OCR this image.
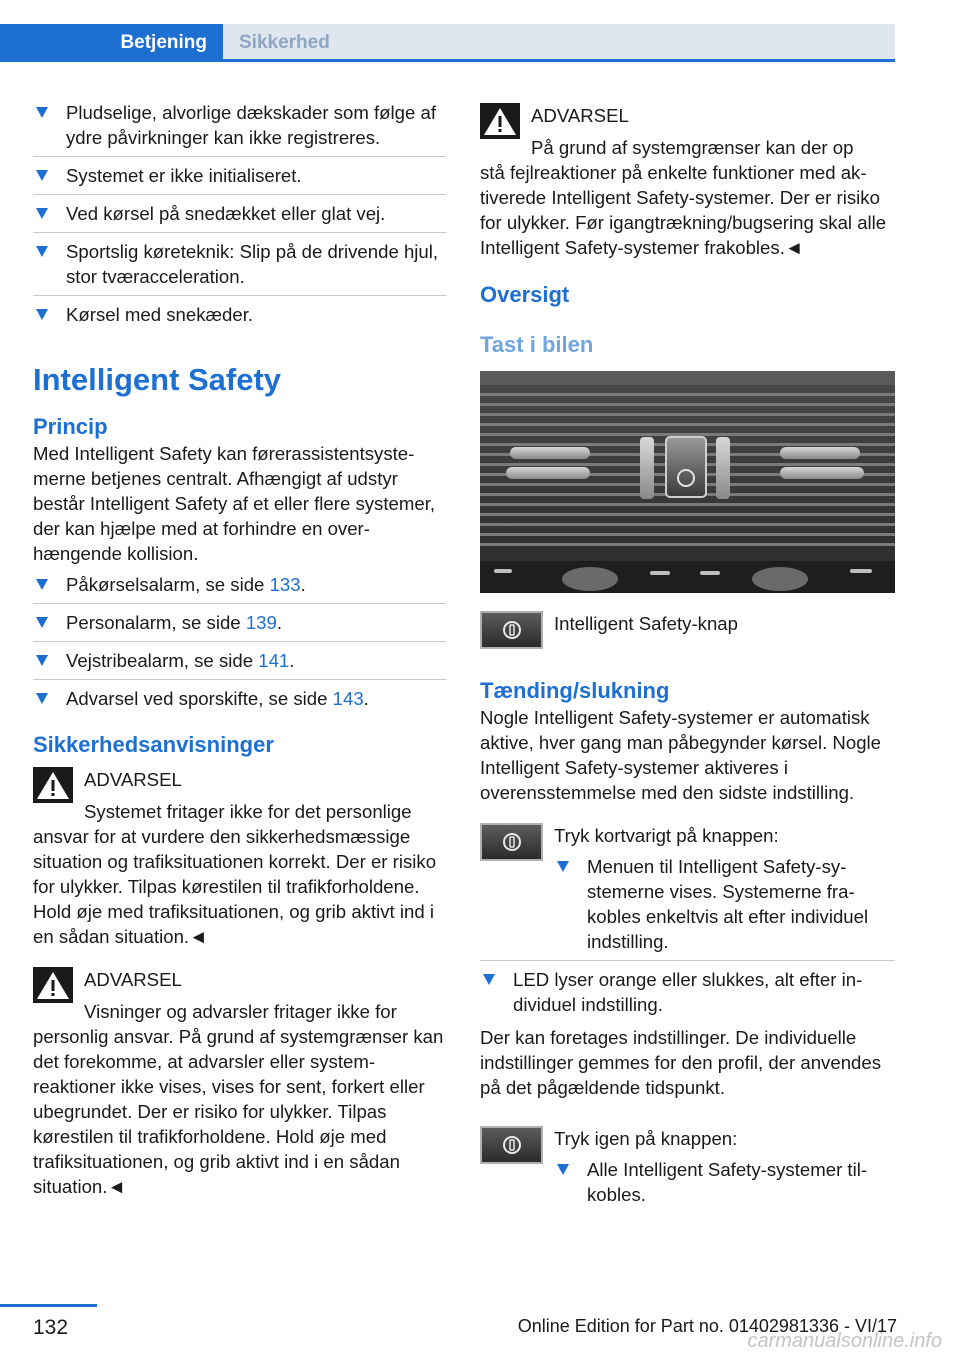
Betjening	Sikkerhed
Pludselige, alvorlige dækskader som følge af ydre påvirkninger kan ikke registreres.
Systemet er ikke initialiseret.
Ved kørsel på snedækket eller glat vej.
Sportslig køreteknik: Slip på de drivende hjul, stor tværacceleration.
Kørsel med snekæder.
Intelligent Safety
Princip

Med Intelligent Safety kan førerassistentsystemerne betjenes centralt. Afhængigt af udstyr består Intelligent Safety af et eller flere systemer, der kan hjælpe med at forhindre en overhængende kollision.

Påkørselsalarm, se side 133.
Personalarm, se side 139.
Vejstribealarm, se side 141.
Advarsel ved sporskifte, se side 143.
Sikkerhedsanvisninger

ADVARSEL

Systemet fritager ikke for det personlige

ansvar for at vurdere den sikkerhedsmæssige situation og trafiksituationen korrekt. Der er risiko for ulykker. Tilpas kørestilen til trafikforholdene. Hold øje med trafiksituationen, og grib aktivt ind i en sådan situation.◄

ADVARSEL

Visninger og advarsler fritager ikke for

personlig ansvar. På grund af systemgrænser kan det forekomme, at advarsler eller systemreaktioner ikke vises, vises for sent, forkert eller ubegrundet. Der er risiko for ulykker. Tilpas kørestilen til trafikforholdene. Hold øje med trafiksituationen, og grib aktivt ind i en sådan situation.◄

ADVARSEL

På grund af systemgrænser kan der op

stå fejlreaktioner på enkelte funktioner med aktiverede Intelligent Safety-systemer. Der er risiko for ulykker. Før igangtrækning/bugsering skal alle Intelligent Safety-systemer frakobles.◄

Oversigt
Tast i bilen

Intelligent Safety-knap

Tænding/slukning

Nogle Intelligent Safety-systemer er automatisk aktive, hver gang man påbegynder kørsel. Nogle Intelligent Safety-systemer aktiveres i overensstemmelse med den sidste indstilling.

Tryk kortvarigt på knappen:

Menuen til Intelligent Safety-systemerne vises. Systemerne frakobles enkeltvis alt efter individuel indstilling.
LED lyser orange eller slukkes, alt efter individuel indstilling.

Der kan foretages indstillinger. De individuelle indstillinger gemmes for den profil, der anvendes på det pågældende tidspunkt.

Tryk igen på knappen:

Alle Intelligent Safety-systemer tilkobles.
132	Online Edition for Part no. 01402981336 - VI/17
carmanualsonline.info
